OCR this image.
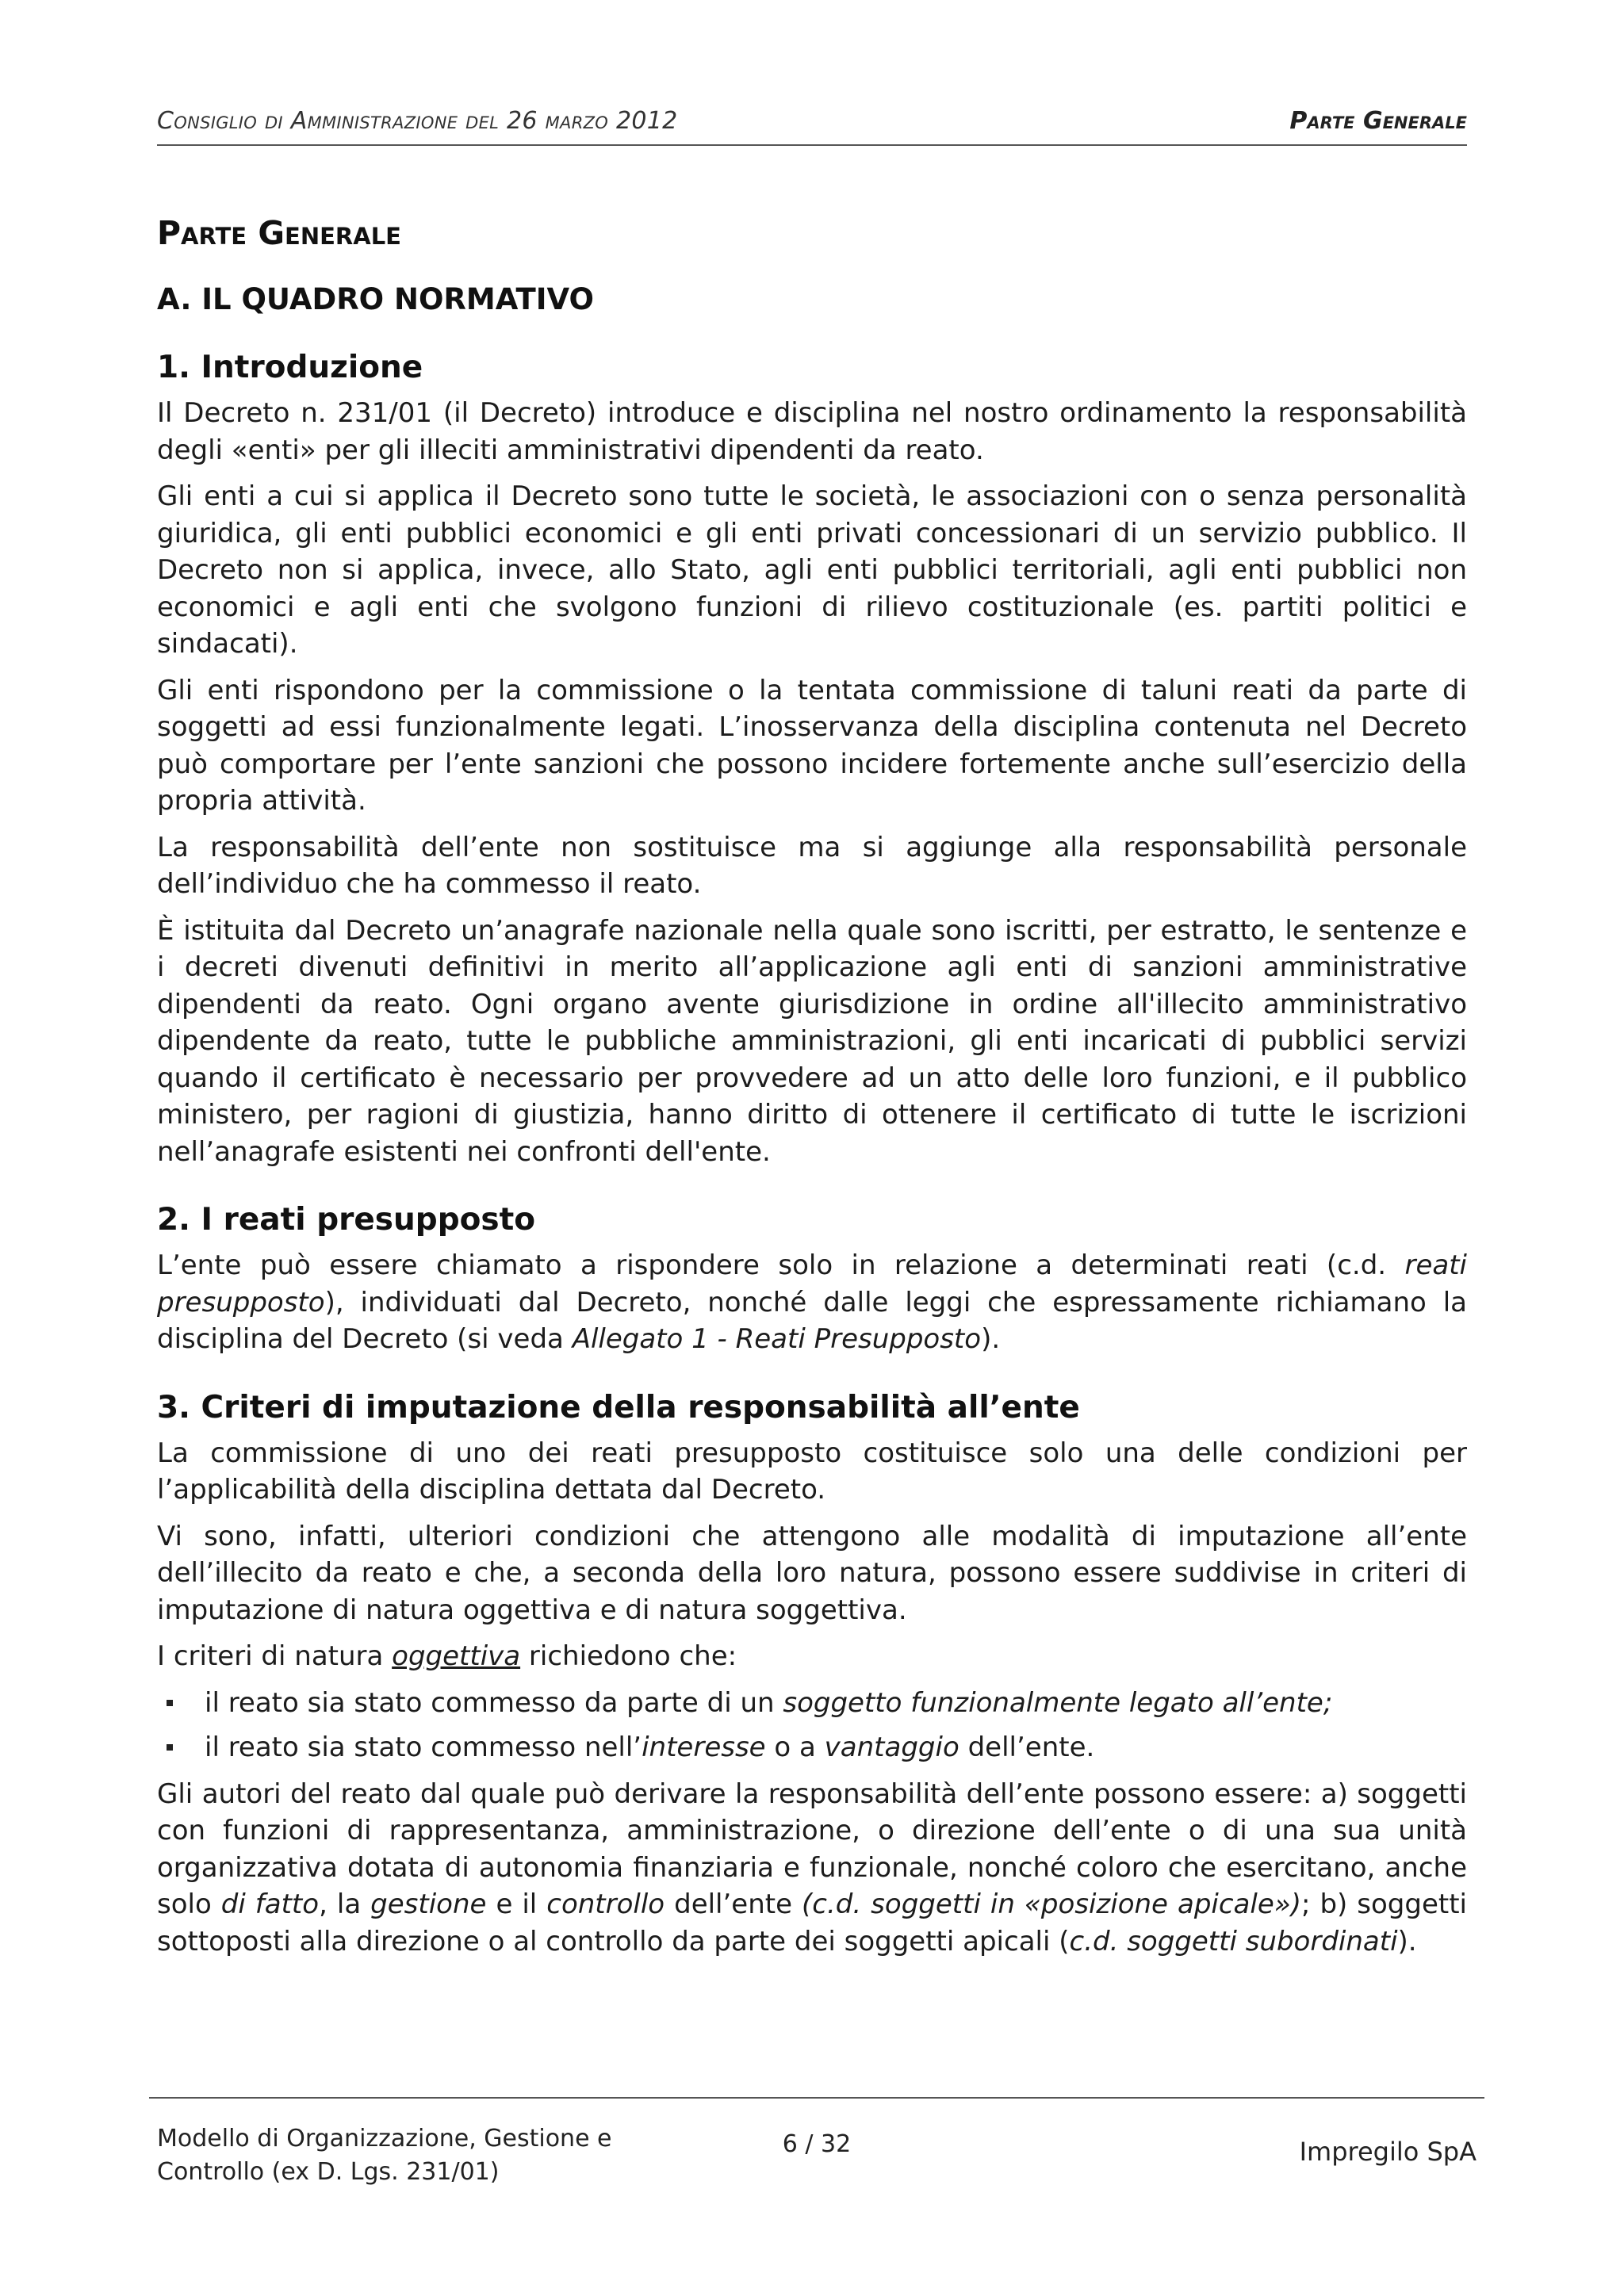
Consiglio di Amministrazione del 26 marzo 2012	Parte Generale
Parte Generale
A. IL QUADRO NORMATIVO
1. Introduzione

Il Decreto n. 231/01 (il Decreto) introduce e disciplina nel nostro ordinamento la responsabilità degli «enti» per gli illeciti amministrativi dipendenti da reato.

Gli enti a cui si applica il Decreto sono tutte le società, le associazioni con o senza personalità giuridica, gli enti pubblici economici e gli enti privati concessionari di un servizio pubblico. Il Decreto non si applica, invece, allo Stato, agli enti pubblici territoriali, agli enti pubblici non economici e agli enti che svolgono funzioni di rilievo costituzionale (es. partiti politici e sindacati).

Gli enti rispondono per la commissione o la tentata commissione di taluni reati da parte di soggetti ad essi funzionalmente legati. L’inosservanza della disciplina contenuta nel Decreto può comportare per l’ente sanzioni che possono incidere fortemente anche sull’esercizio della propria attività.

La responsabilità dell’ente non sostituisce ma si aggiunge alla responsabilità personale dell’individuo che ha commesso il reato.

È istituita dal Decreto un’anagrafe nazionale nella quale sono iscritti, per estratto, le sentenze e i decreti divenuti definitivi in merito all’applicazione agli enti di sanzioni amministrative dipendenti da reato. Ogni organo avente giurisdizione in ordine all'illecito amministrativo dipendente da reato, tutte le pubbliche amministrazioni, gli enti incaricati di pubblici servizi quando il certificato è necessario per provvedere ad un atto delle loro funzioni, e il pubblico ministero, per ragioni di giustizia, hanno diritto di ottenere il certificato di tutte le iscrizioni nell’anagrafe esistenti nei confronti dell'ente.

2. I reati presupposto

L’ente può essere chiamato a rispondere solo in relazione a determinati reati (c.d. reati presupposto), individuati dal Decreto, nonché dalle leggi che espressamente richiamano la disciplina del Decreto (si veda Allegato 1 - Reati Presupposto).

3. Criteri di imputazione della responsabilità all’ente

La commissione di uno dei reati presupposto costituisce solo una delle condizioni per l’applicabilità della disciplina dettata dal Decreto.

Vi sono, infatti, ulteriori condizioni che attengono alle modalità di imputazione all’ente dell’illecito da reato e che, a seconda della loro natura, possono essere suddivise in criteri di imputazione di natura oggettiva e di natura soggettiva.

I criteri di natura oggettiva richiedono che:

il reato sia stato commesso da parte di un soggetto funzionalmente legato all’ente;
il reato sia stato commesso nell’interesse o a vantaggio dell’ente.

Gli autori del reato dal quale può derivare la responsabilità dell’ente possono essere: a) soggetti con funzioni di rappresentanza, amministrazione, o direzione dell’ente o di una sua unità organizzativa dotata di autonomia finanziaria e funzionale, nonché coloro che esercitano, anche solo di fatto, la gestione e il controllo dell’ente (c.d. soggetti in «posizione apicale»); b) soggetti sottoposti alla direzione o al controllo da parte dei soggetti apicali (c.d. soggetti subordinati).

Modello di Organizzazione, Gestione e
Controllo (ex D. Lgs. 231/01)
6 / 32	Impregilo SpA
